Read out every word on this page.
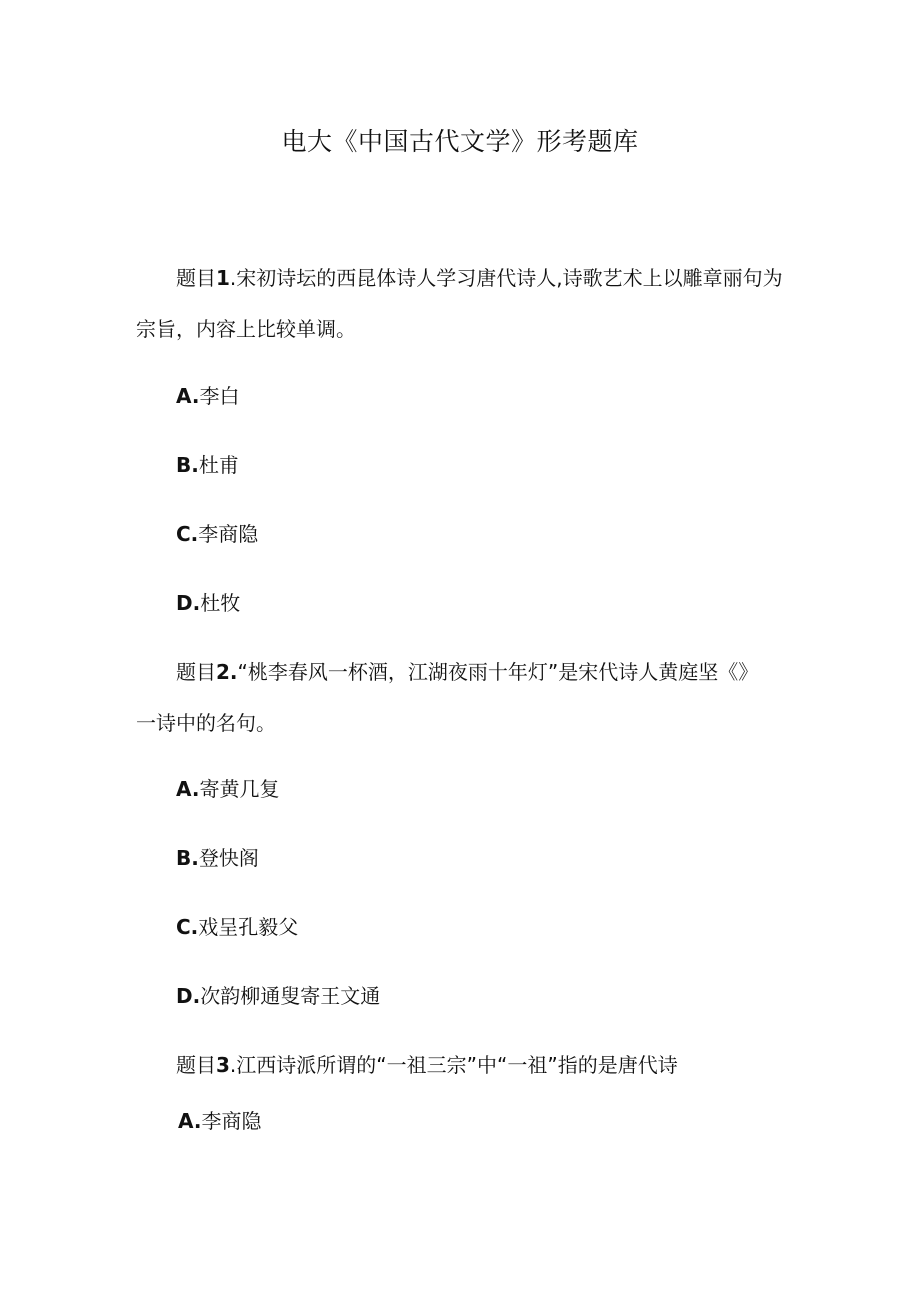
电大《中国古代文学》形考题库
题目1.宋初诗坛的西昆体诗人学习唐代诗人,诗歌艺术上以雕章丽句为
宗旨，内容上比较单调。
A.李白
B.杜甫
C.李商隐
D.杜牧
题目2.“桃李春风一杯酒，江湖夜雨十年灯”是宋代诗人黄庭坚《》
一诗中的名句。
A.寄黄几复
B.登快阁
C.戏呈孔毅父
D.次韵柳通叟寄王文通
题目3.江西诗派所谓的“一祖三宗”中“一祖”指的是唐代诗
A.李商隐
